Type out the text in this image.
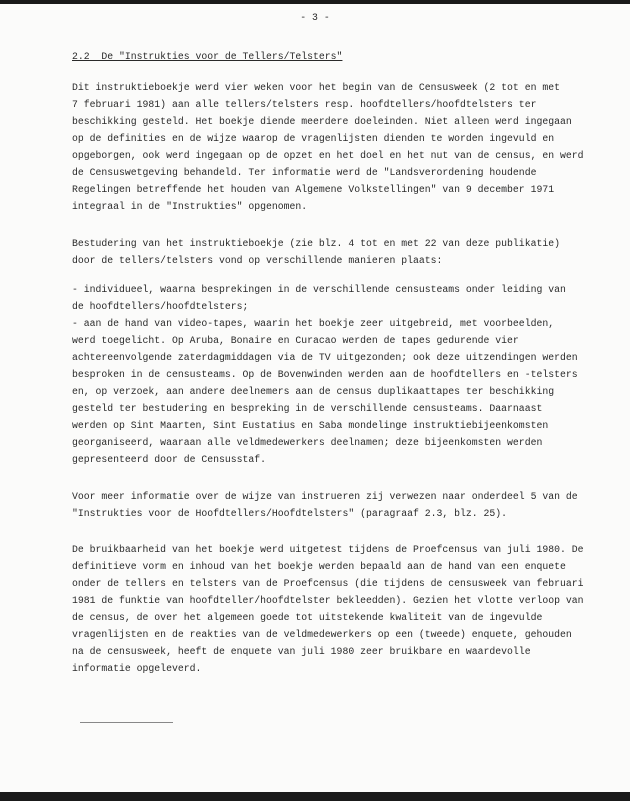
- 3 -
2.2  De "Instrukties voor de Tellers/Telsters"
Dit instruktieboekje werd vier weken voor het begin van de Censusweek (2 tot en met
7 februari 1981) aan alle tellers/telsters resp. hoofdtellers/hoofdtelsters ter
beschikking gesteld. Het boekje diende meerdere doeleinden. Niet alleen werd ingegaan
op de definities en de wijze waarop de vragenlijsten dienden te worden ingevuld en
opgeborgen, ook werd ingegaan op de opzet en het doel en het nut van de census, en werd
de Censuswetgeving behandeld. Ter informatie werd de "Landsverordening houdende
Regelingen betreffende het houden van Algemene Volkstellingen" van 9 december 1971
integraal in de "Instrukties" opgenomen.
Bestudering van het instruktieboekje (zie blz. 4 tot en met 22 van deze publikatie)
door de tellers/telsters vond op verschillende manieren plaats:
- individueel, waarna besprekingen in de verschillende censusteams onder leiding van
de hoofdtellers/hoofdtelsters;
- aan de hand van video-tapes, waarin het boekje zeer uitgebreid, met voorbeelden,
werd toegelicht. Op Aruba, Bonaire en Curacao werden de tapes gedurende vier
achtereenvolgende zaterdagmiddagen via de TV uitgezonden; ook deze uitzendingen werden
besproken in de censusteams. Op de Bovenwinden werden aan de hoofdtellers en -telsters
en, op verzoek, aan andere deelnemers aan de census duplikaattapes ter beschikking
gesteld ter bestudering en bespreking in de verschillende censusteams. Daarnaast
werden op Sint Maarten, Sint Eustatius en Saba mondelinge instruktiebijeenkomsten
georganiseerd, waaraan alle veldmedewerkers deelnamen; deze bijeenkomsten werden
gepresenteerd door de Censusstaf.
Voor meer informatie over de wijze van instrueren zij verwezen naar onderdeel 5 van de
"Instrukties voor de Hoofdtellers/Hoofdtelsters" (paragraaf 2.3, blz. 25).
De bruikbaarheid van het boekje werd uitgetest tijdens de Proefcensus van juli 1980. De
definitieve vorm en inhoud van het boekje werden bepaald aan de hand van een enquete
onder de tellers en telsters van de Proefcensus (die tijdens de censusweek van februari
1981 de funktie van hoofdteller/hoofdtelster bekleedden). Gezien het vlotte verloop van
de census, de over het algemeen goede tot uitstekende kwaliteit van de ingevulde
vragenlijsten en de reakties van de veldmedewerkers op een (tweede) enquete, gehouden
na de censusweek, heeft de enquete van juli 1980 zeer bruikbare en waardevolle
informatie opgeleverd.
